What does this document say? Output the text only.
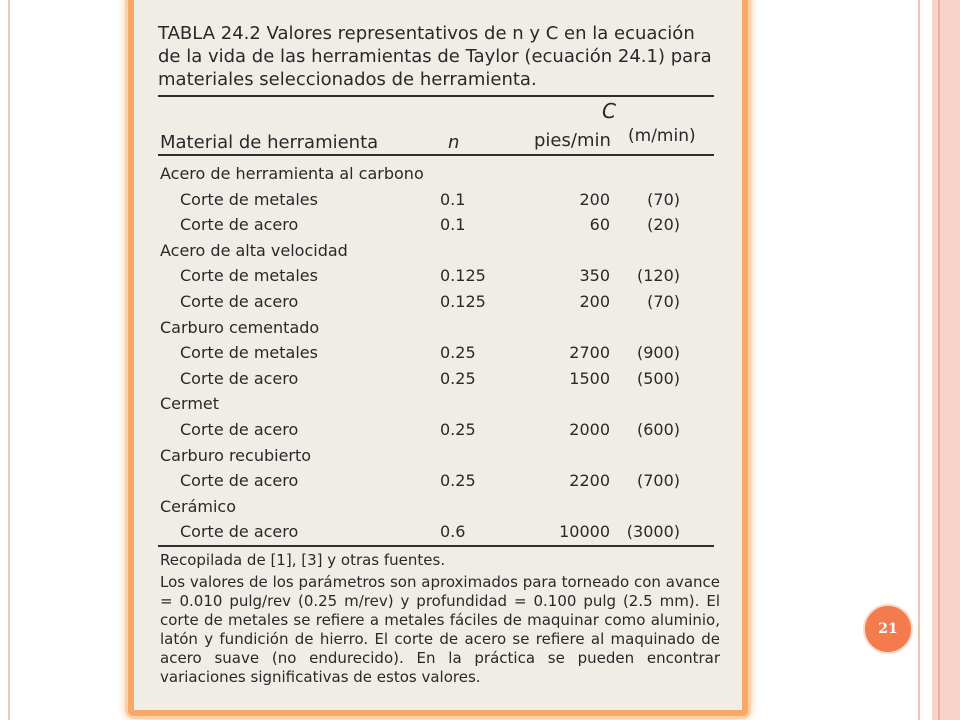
TABLA 24.2 Valores representativos de n y C en la ecuación de la vida de las herramientas de Taylor (ecuación 24.1) para materiales seleccionados de herramienta.
C
Material de herramienta	n	pies/min (m/min)
Acero de herramienta al carbono
Corte de metales	0.1	200	(70)
Corte de acero	0.1	60	(20)
Acero de alta velocidad
Corte de metales	0.125	350	(120)
Corte de acero	0.125	200	(70)
Carburo cementado
Corte de metales	0.25	2700	(900)
Corte de acero	0.25	1500	(500)
Cermet
Corte de acero	0.25	2000	(600)
Carburo recubierto
Corte de acero	0.25	2200	(700)
Cerámico
Corte de acero	0.6	10000 (3000)
Recopilada de [1], [3] y otras fuentes.
Los valores de los parámetros son aproximados para torneado con avance = 0.010 pulg/rev (0.25 m/rev) y profundidad = 0.100 pulg (2.5 mm). El corte de metales se refiere a metales fáciles de maquinar como aluminio, latón y fundición de hierro. El corte de acero se refiere al maquinado de acero suave (no endurecido). En la práctica se pueden encontrar variaciones significativas de estos valores.
21
